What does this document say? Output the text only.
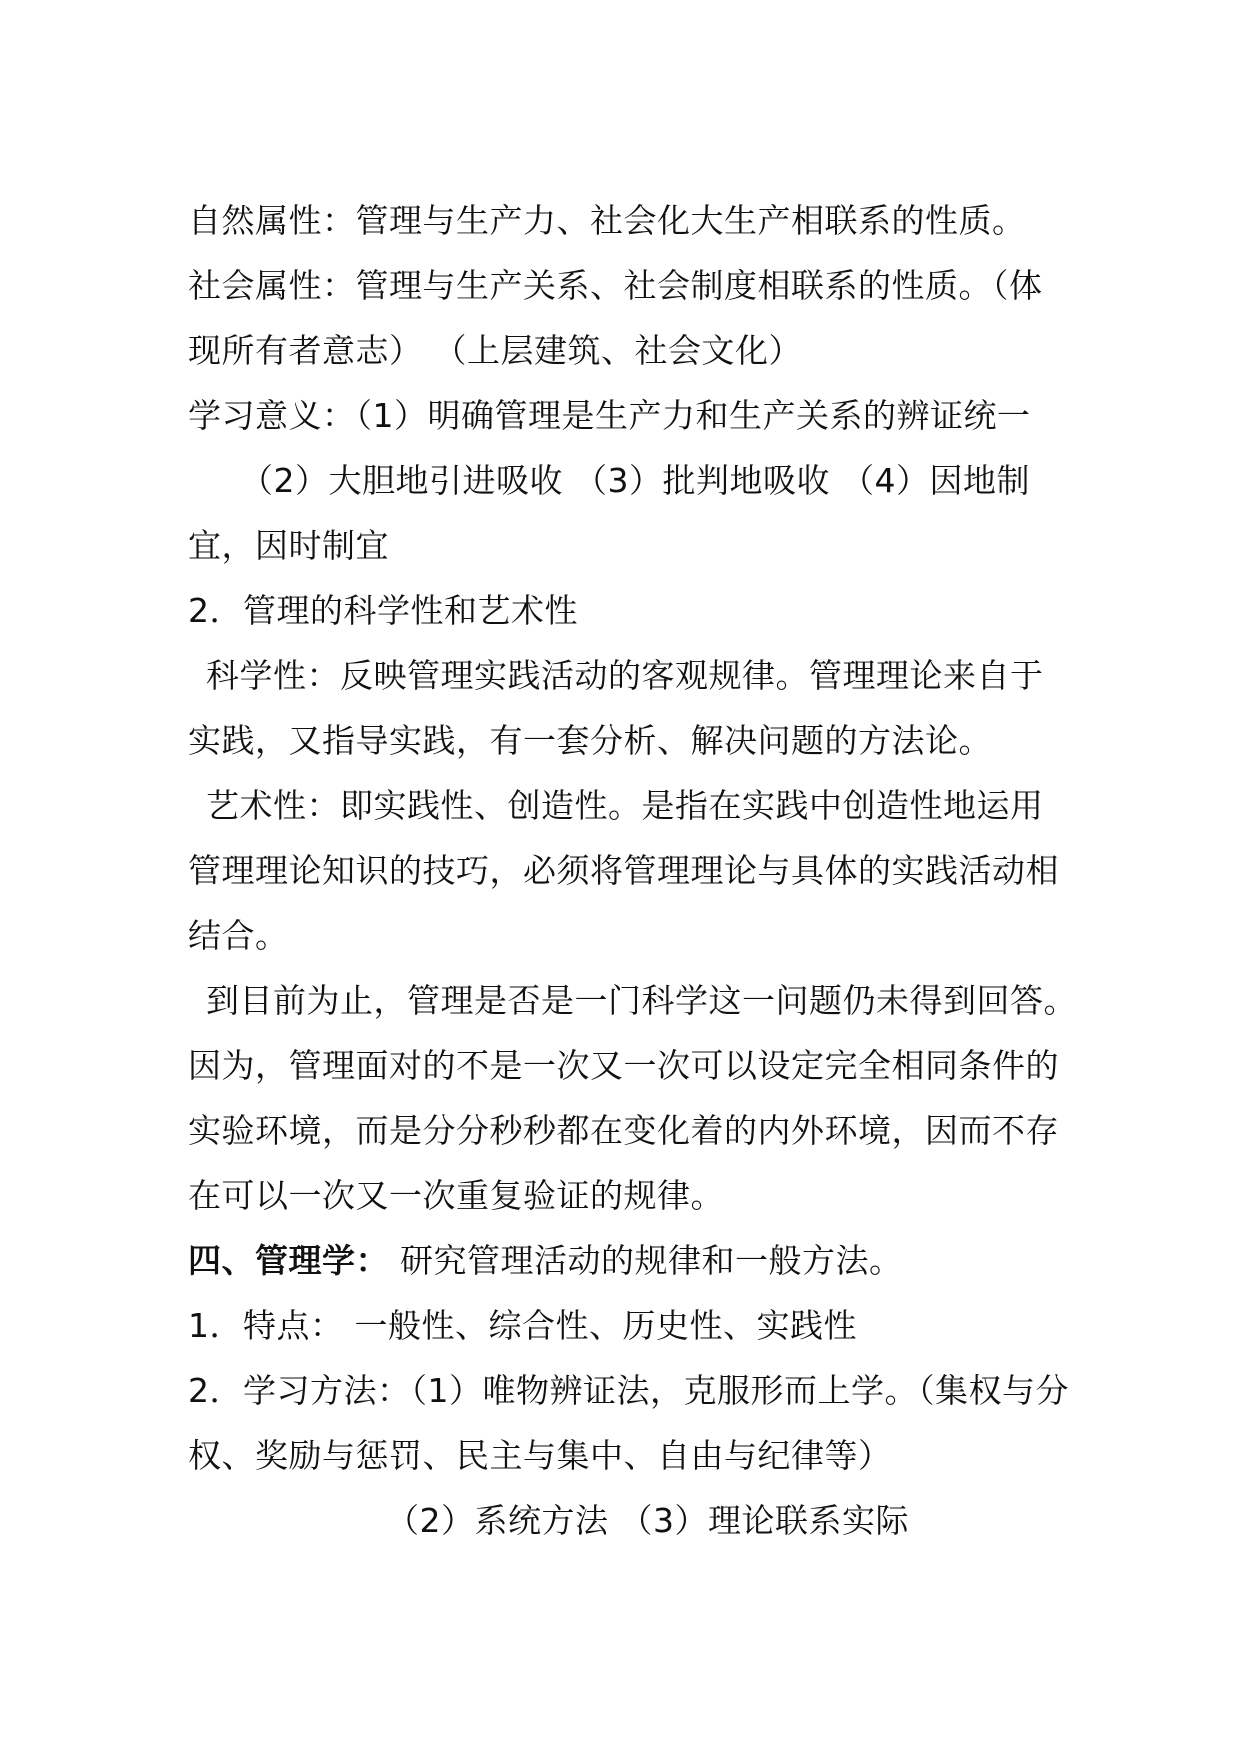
自然属性：管理与生产力、社会化大生产相联系的性质。
社会属性：管理与生产关系、社会制度相联系的性质。（体
现所有者意志） （上层建筑、社会文化）
学习意义：（1）明确管理是生产力和生产关系的辨证统一
（2）大胆地引进吸收 （3）批判地吸收 （4）因地制
宜，因时制宜
2．管理的科学性和艺术性
科学性：反映管理实践活动的客观规律。管理理论来自于
实践，又指导实践，有一套分析、解决问题的方法论。
艺术性：即实践性、创造性。是指在实践中创造性地运用
管理理论知识的技巧，必须将管理理论与具体的实践活动相
结合。
到目前为止，管理是否是一门科学这一问题仍未得到回答。
因为，管理面对的不是一次又一次可以设定完全相同条件的
实验环境，而是分分秒秒都在变化着的内外环境，因而不存
在可以一次又一次重复验证的规律。
四、管理学： 研究管理活动的规律和一般方法。
1．特点： 一般性、综合性、历史性、实践性
2．学习方法：（1）唯物辨证法，克服形而上学。（集权与分
权、奖励与惩罚、民主与集中、自由与纪律等）
（2）系统方法 （3）理论联系实际
